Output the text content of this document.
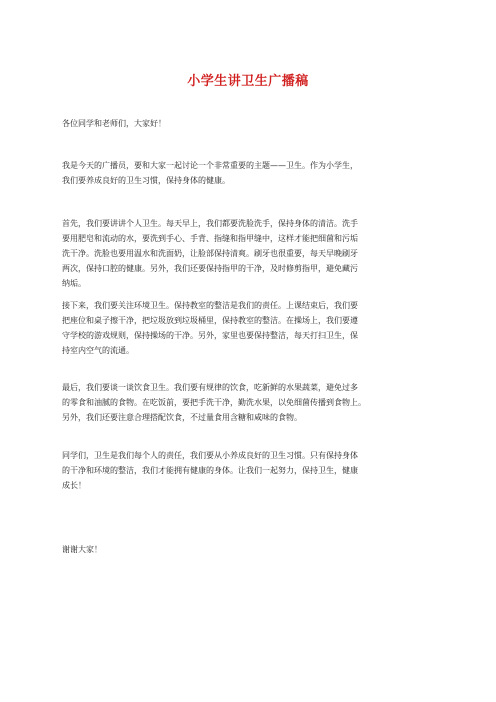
小学生讲卫生广播稿
各位同学和老师们，大家好！
我是今天的广播员，要和大家一起讨论一个非常重要的主题——卫生。作为小学生，
我们要养成良好的卫生习惯，保持身体的健康。
首先，我们要讲讲个人卫生。每天早上，我们都要洗脸洗手，保持身体的清洁。洗手
要用肥皂和流动的水，要洗到手心、手背、指缝和指甲缝中，这样才能把细菌和污垢
洗干净。洗脸也要用温水和洗面奶，让脸部保持清爽。刷牙也很重要，每天早晚刷牙
两次，保持口腔的健康。另外，我们还要保持指甲的干净，及时修剪指甲，避免藏污
纳垢。
接下来，我们要关注环境卫生。保持教室的整洁是我们的责任。上课结束后，我们要
把座位和桌子擦干净，把垃圾放到垃圾桶里，保持教室的整洁。在操场上，我们要遵
守学校的游戏规则，保持操场的干净。另外，家里也要保持整洁，每天打扫卫生，保
持室内空气的流通。
最后，我们要谈一谈饮食卫生。我们要有规律的饮食，吃新鲜的水果蔬菜，避免过多
的零食和油腻的食物。在吃饭前，要把手洗干净，勤洗水果，以免细菌传播到食物上。
另外，我们还要注意合理搭配饮食，不过量食用含糖和咸味的食物。
同学们，卫生是我们每个人的责任，我们要从小养成良好的卫生习惯。只有保持身体
的干净和环境的整洁，我们才能拥有健康的身体。让我们一起努力，保持卫生，健康
成长！
谢谢大家！
